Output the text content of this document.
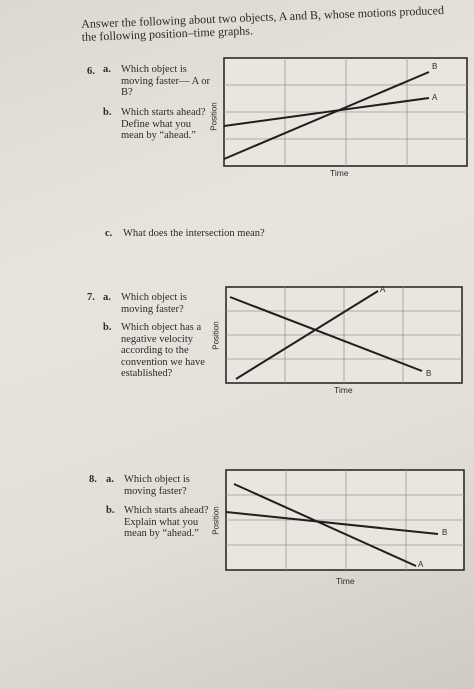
Answer the following about two objects, A and B, whose motions produced the following position–time graphs.
6. a. Which object is moving faster— A or B?
b. Which starts ahead? Define what you mean by “ahead.”
c. What does the intersection mean?
B
A
Time
Position
7. a. Which object is moving faster?
b. Which object has a negative velocity according to the convention we have established?
A
B
Time
Position
8. a. Which object is moving faster?
b. Which starts ahead? Explain what you mean by “ahead.”	B
A
Time
Position
